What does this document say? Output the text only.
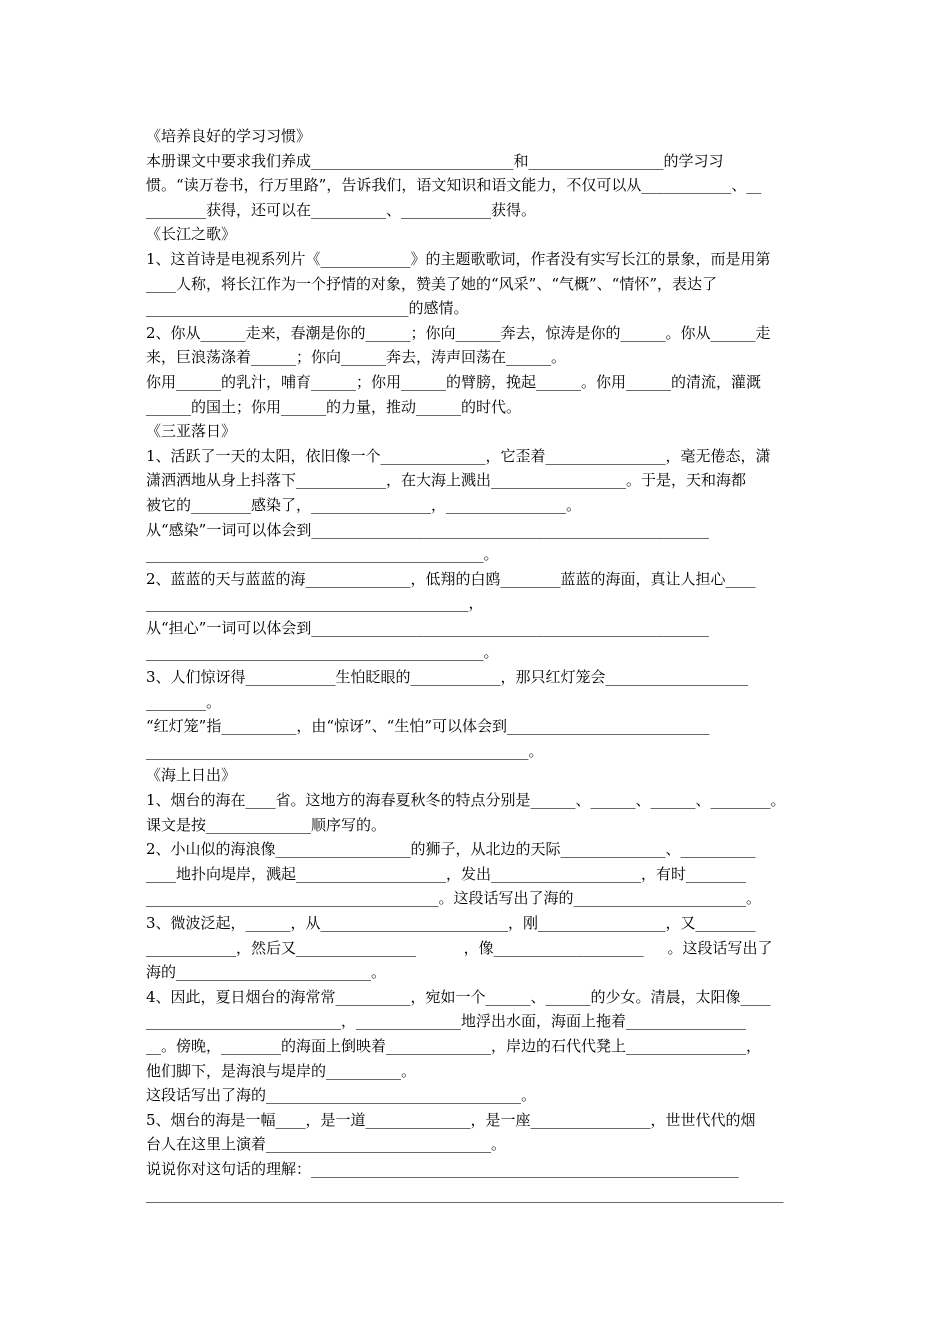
《培养良好的学习习惯》
本册课文中要求我们养成___________________________和__________________的学习习
惯。“读万卷书，行万里路”，告诉我们，语文知识和语文能力，不仅可以从____________、__
________获得，还可以在__________、____________获得。
《长江之歌》
1、这首诗是电视系列片《____________》的主题歌歌词，作者没有实写长江的景象，而是用第
____人称，将长江作为一个抒情的对象，赞美了她的“风采”、“气概”、“情怀”，表达了
___________________________________的感情。
2、你从______走来，春潮是你的______；你向______奔去，惊涛是你的______。你从______走
来，巨浪荡涤着______；你向______奔去，涛声回荡在______。
你用______的乳汁，哺育______；你用______的臂膀，挽起______。你用______的清流，灌溉
______的国土；你用______的力量，推动______的时代。
《三亚落日》
1、活跃了一天的太阳，依旧像一个______________，它歪着________________，毫无倦态，潇
潇洒洒地从身上抖落下____________，在大海上溅出__________________。于是，天和海都
被它的________感染了，________________，________________。
从“感染”一词可以体会到_____________________________________________________
_____________________________________________。
2、蓝蓝的天与蓝蓝的海______________，低翔的白鸥________蓝蓝的海面，真让人担心____
___________________________________________，
从“担心”一词可以体会到_____________________________________________________
_____________________________________________。
3、人们惊讶得____________生怕眨眼的____________，那只红灯笼会___________________
________。
“红灯笼”指__________，由“惊讶”、“生怕”可以体会到___________________________
___________________________________________________。
《海上日出》
1、烟台的海在____省。这地方的海春夏秋冬的特点分别是______、______、______、________。
课文是按______________顺序写的。
2、小山似的海浪像__________________的狮子，从北边的天际______________、__________
____地扑向堤岸，溅起____________________，发出____________________，有时________
_______________________________________。这段话写出了海的_______________________。
3、微波泛起，______，从_________________________，刚_________________，又________
____________，然后又________________          ，像____________________     。这段话写出了
海的__________________________。
4、因此，夏日烟台的海常常__________，宛如一个______、______的少女。清晨，太阳像____
__________________________，______________地浮出水面，海面上拖着________________
__。傍晚，________的海面上倒映着______________，岸边的石代代凳上________________，
他们脚下，是海浪与堤岸的__________。
这段话写出了海的__________________________________。
5、烟台的海是一幅____，是一道______________，是一座________________，世世代代的烟
台人在这里上演着______________________________。
说说你对这句话的理解：_________________________________________________________
_____________________________________________________________________________________
